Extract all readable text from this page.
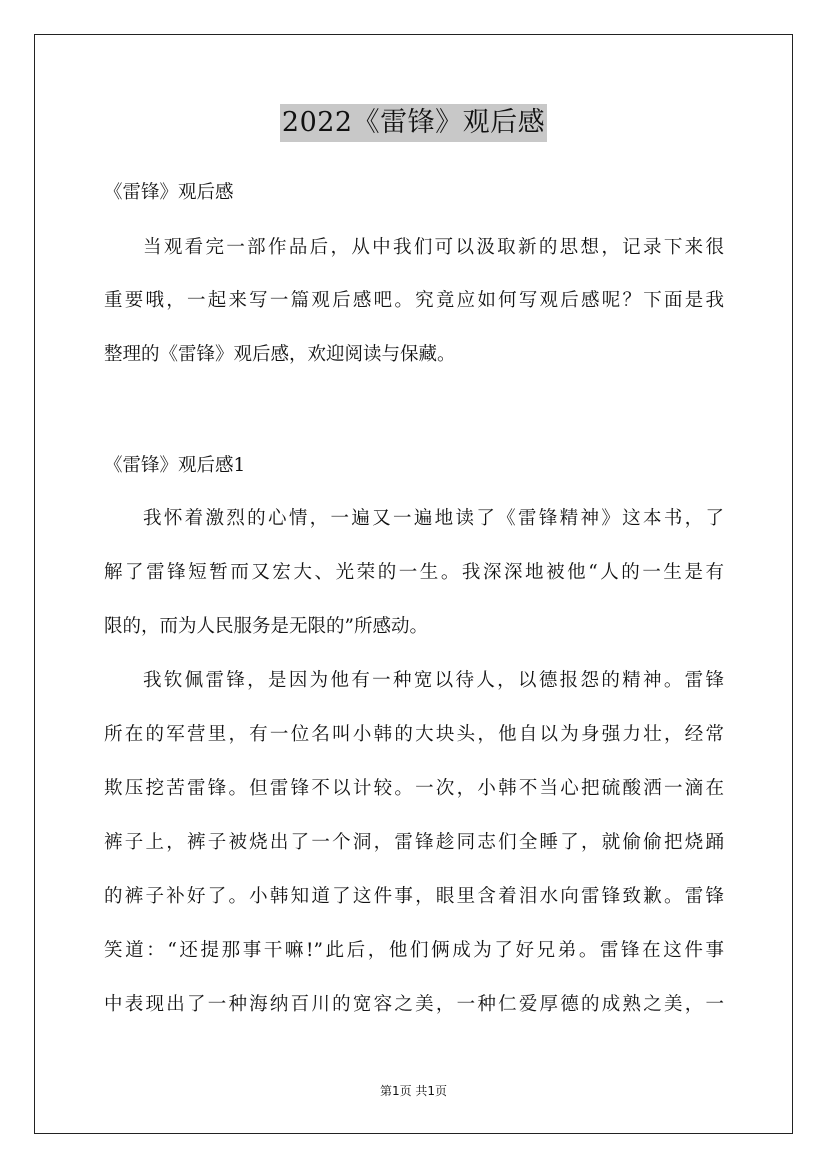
2022《雷锋》观后感
《雷锋》观后感
当观看完一部作品后，从中我们可以汲取新的思想，记录下来很
重要哦，一起来写一篇观后感吧。究竟应如何写观后感呢？下面是我
整理的《雷锋》观后感，欢迎阅读与保藏。
《雷锋》观后感1
我怀着激烈的心情，一遍又一遍地读了《雷锋精神》这本书，了
解了雷锋短暂而又宏大、光荣的一生。我深深地被他“人的一生是有
限的，而为人民服务是无限的”所感动。
我钦佩雷锋，是因为他有一种宽以待人，以德报怨的精神。雷锋
所在的军营里，有一位名叫小韩的大块头，他自以为身强力壮，经常
欺压挖苦雷锋。但雷锋不以计较。一次，小韩不当心把硫酸洒一滴在
裤子上，裤子被烧出了一个洞，雷锋趁同志们全睡了，就偷偷把烧踊
的裤子补好了。小韩知道了这件事，眼里含着泪水向雷锋致歉。雷锋
笑道：“还提那事干嘛!”此后，他们俩成为了好兄弟。雷锋在这件事
中表现出了一种海纳百川的宽容之美，一种仁爱厚德的成熟之美，一
第1页 共1页
